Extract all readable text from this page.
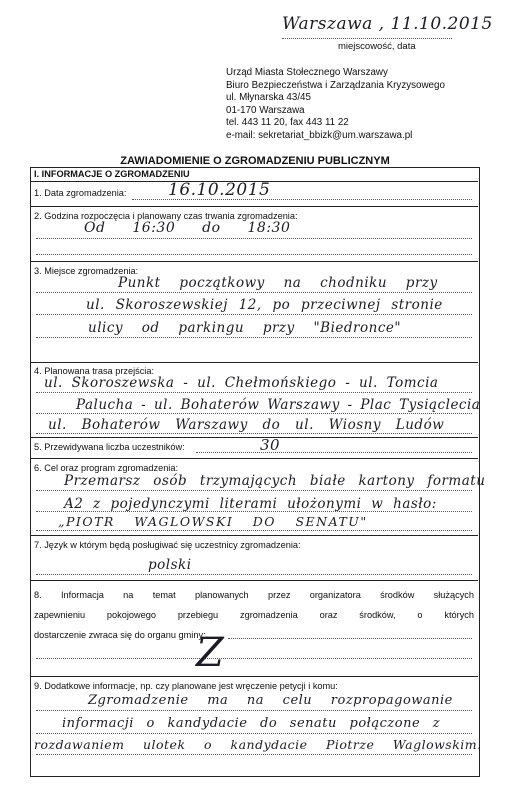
Warszawa , 11.10.2015
miejscowość, data
Urząd Miasta Stołecznego Warszawy
Biuro Bezpieczeństwa i Zarządzania Kryzysowego
ul. Młynarska 43/45
01-170 Warszawa
tel. 443 11 20, fax 443 11 22
e-mail: sekretariat_bbizk@um.warszawa.pl
ZAWIADOMIENIE O ZGROMADZENIU PUBLICZNYM
I. INFORMACJE O ZGROMADZENIU
1. Data zgromadzenia: 16.10.2015
2. Godzina rozpoczęcia i planowany czas trwania zgromadzenia:
Od 16:30 do 18:30
3. Miejsce zgromadzenia:
Punkt początkowy na chodniku przy
ul. Skoroszewskiej 12, po przeciwnej stronie
ulicy od parkingu przy "Biedronce"
4. Planowana trasa przejścia:
ul. Skoroszewska - ul. Chełmońskiego - ul. Tomcia
Palucha - ul. Bohaterów Warszawy - Plac Tysiąclecia
ul. Bohaterów Warszawy do ul. Wiosny Ludów
5. Przewidywana liczba uczestników:	30
6. Cel oraz program zgromadzenia:
Przemarsz osób trzymających białe kartony formatu
A2 z pojedynczymi literami ułożonymi w hasło:
„PIOTR WAGLOWSKI DO SENATU"
7. Język w którym będą posługiwać się uczestnicy zgromadzenia:
polski
8. Informacja na temat planowanych przez organizatora środków służących
zapewnieniu pokojowego przebiegu zgromadzenia oraz środków, o których
dostarczenie zwraca się do organu gminy:
Z
9. Dodatkowe informacje, np. czy planowane jest wręczenie petycji i komu:
Zgromadzenie ma na celu rozpropagowanie
informacji o kandydacie do senatu połączone z
rozdawaniem ulotek o kandydacie Piotrze Waglowskim.
